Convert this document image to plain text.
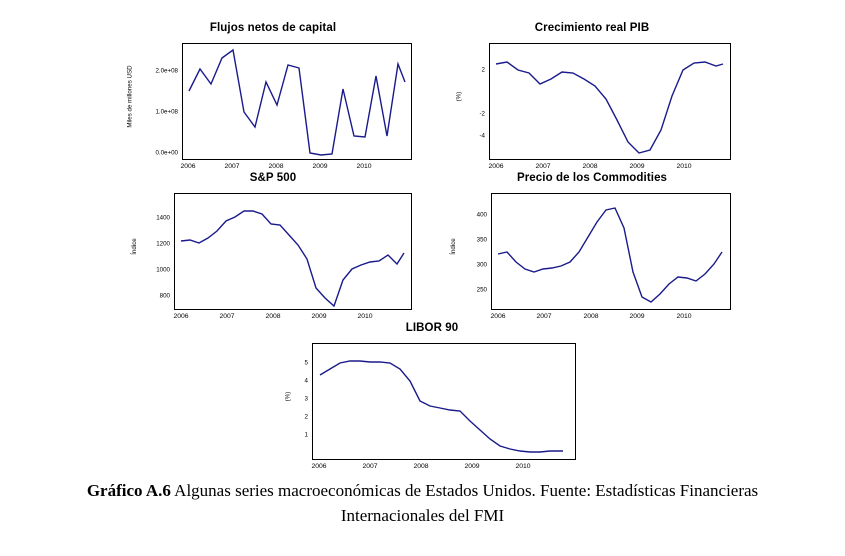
Flujos netos de capital
Miles de millones USD
0.0e+00
1.0e+08
2.0e+08
2006	2007	2008	2009	2010
Crecimiento real PIB
(%)
2
-2
-4
2006	2007	2008	2009	2010
S&P 500
Índice
1400
1200
1000
800
2006	2007	2008	2009	2010
Precio de los Commodities
Índice
400
350
300
250
2006	2007	2008	2009	2010
LIBOR 90
(%)
5
4
3
2
1
2006	2007	2008	2009	2010
Gráfico A.6 Algunas series macroeconómicas de Estados Unidos. Fuente: Estadísticas Financieras Internacionales del FMI
